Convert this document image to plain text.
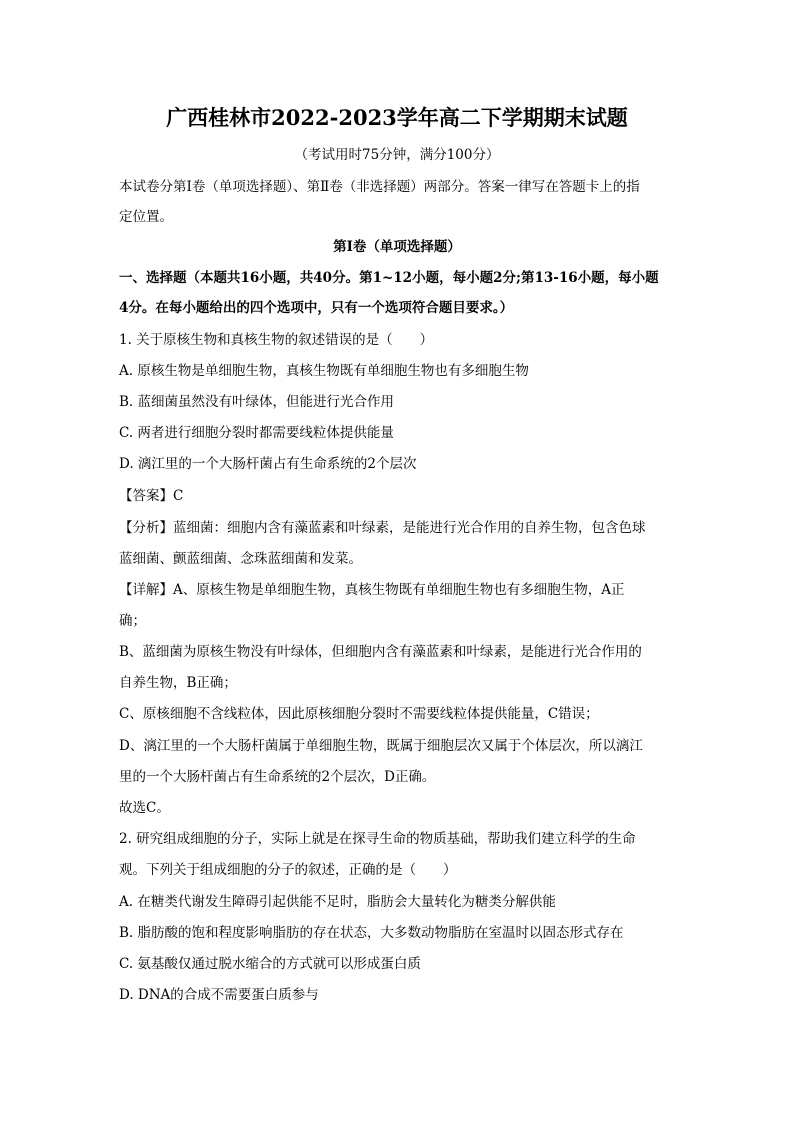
广西桂林市2022-2023学年高二下学期期末试题
（考试用时75分钟，满分100分）
本试卷分第Ⅰ卷（单项选择题）、第Ⅱ卷（非选择题）两部分。答案一律写在答题卡上的指
定位置。
第Ⅰ卷（单项选择题）
一、选择题（本题共16小题，共40分。第1~12小题，每小题2分;第13-16小题，每小题
4分。在每小题给出的四个选项中，只有一个选项符合题目要求。）
1. 关于原核生物和真核生物的叙述错误的是（　　）
A. 原核生物是单细胞生物，真核生物既有单细胞生物也有多细胞生物
B. 蓝细菌虽然没有叶绿体，但能进行光合作用
C. 两者进行细胞分裂时都需要线粒体提供能量
D. 漓江里的一个大肠杆菌占有生命系统的2个层次
【答案】C
【分析】蓝细菌：细胞内含有藻蓝素和叶绿素，是能进行光合作用的自养生物，包含色球
蓝细菌、颤蓝细菌、念珠蓝细菌和发菜。
【详解】A、原核生物是单细胞生物，真核生物既有单细胞生物也有多细胞生物，A正
确；
B、蓝细菌为原核生物没有叶绿体，但细胞内含有藻蓝素和叶绿素，是能进行光合作用的
自养生物，B正确；
C、原核细胞不含线粒体，因此原核细胞分裂时不需要线粒体提供能量，C错误；
D、漓江里的一个大肠杆菌属于单细胞生物，既属于细胞层次又属于个体层次，所以漓江
里的一个大肠杆菌占有生命系统的2个层次，D正确。
故选C。
2. 研究组成细胞的分子，实际上就是在探寻生命的物质基础，帮助我们建立科学的生命
观。下列关于组成细胞的分子的叙述，正确的是（　　）
A. 在糖类代谢发生障碍引起供能不足时，脂肪会大量转化为糖类分解供能
B. 脂肪酸的饱和程度影响脂肪的存在状态，大多数动物脂肪在室温时以固态形式存在
C. 氨基酸仅通过脱水缩合的方式就可以形成蛋白质
D. DNA的合成不需要蛋白质参与
